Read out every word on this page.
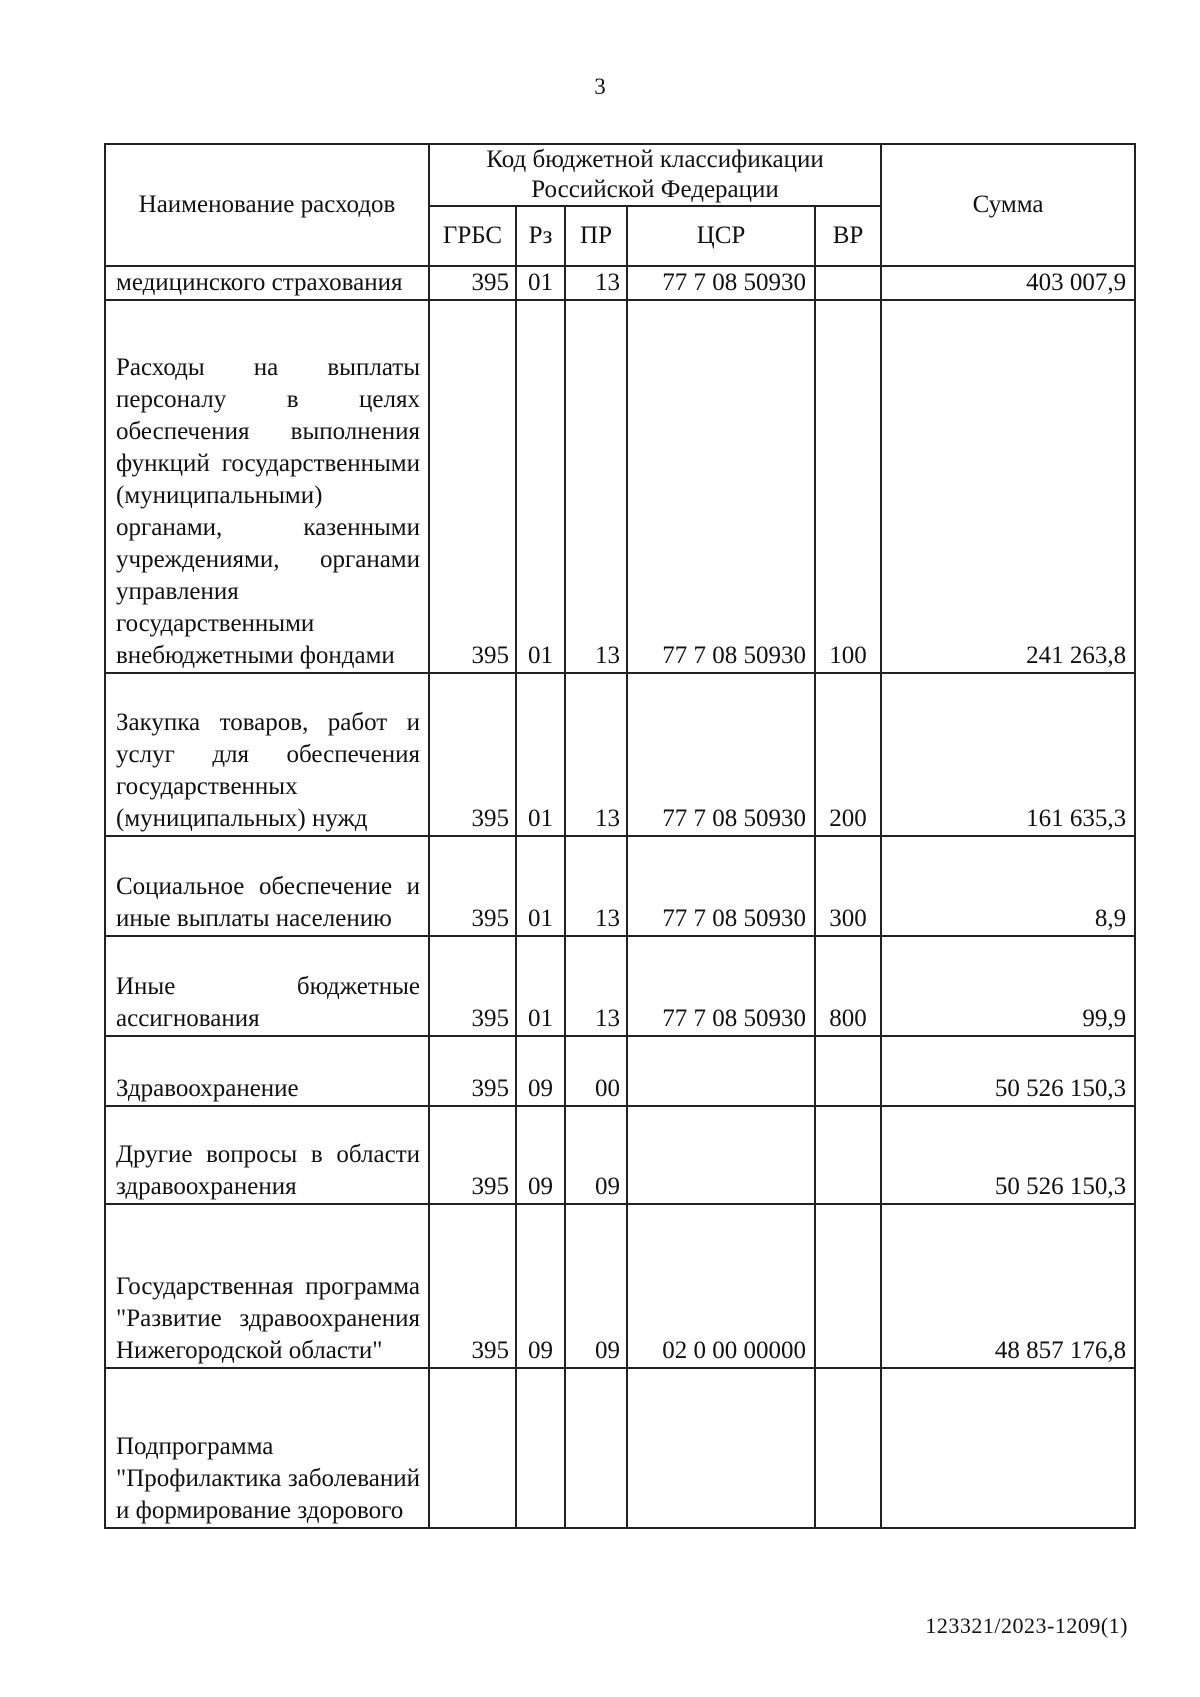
3
Наименование расходов	Код бюджетной классификации Российской Федерации					Сумма
	ГРБС	Рз	ПР	ЦСР	ВР	
медицинского страхования	395	01	13	77 7 08 50930		403 007,9
Расходы на выплаты персоналу в целях обеспечения выполнения функций государственными (муниципальными) органами, казенными учреждениями, органами управления государственными внебюджетными фондами	395	01	13	77 7 08 50930	100	241 263,8
Закупка товаров, работ и услуг для обеспечения государственных (муниципальных) нужд	395	01	13	77 7 08 50930	200	161 635,3
Социальное обеспечение и иные выплаты населению	395	01	13	77 7 08 50930	300	8,9
Иные бюджетные ассигнования	395	01	13	77 7 08 50930	800	99,9
Здравоохранение	395	09	00			50 526 150,3
Другие вопросы в области здравоохранения	395	09	09			50 526 150,3
Государственная программа "Развитие здравоохранения Нижегородской области"	395	09	09	02 0 00 00000		48 857 176,8
Подпрограмма "Профилактика заболеваний и формирование здорового						
123321/2023-1209(1)
